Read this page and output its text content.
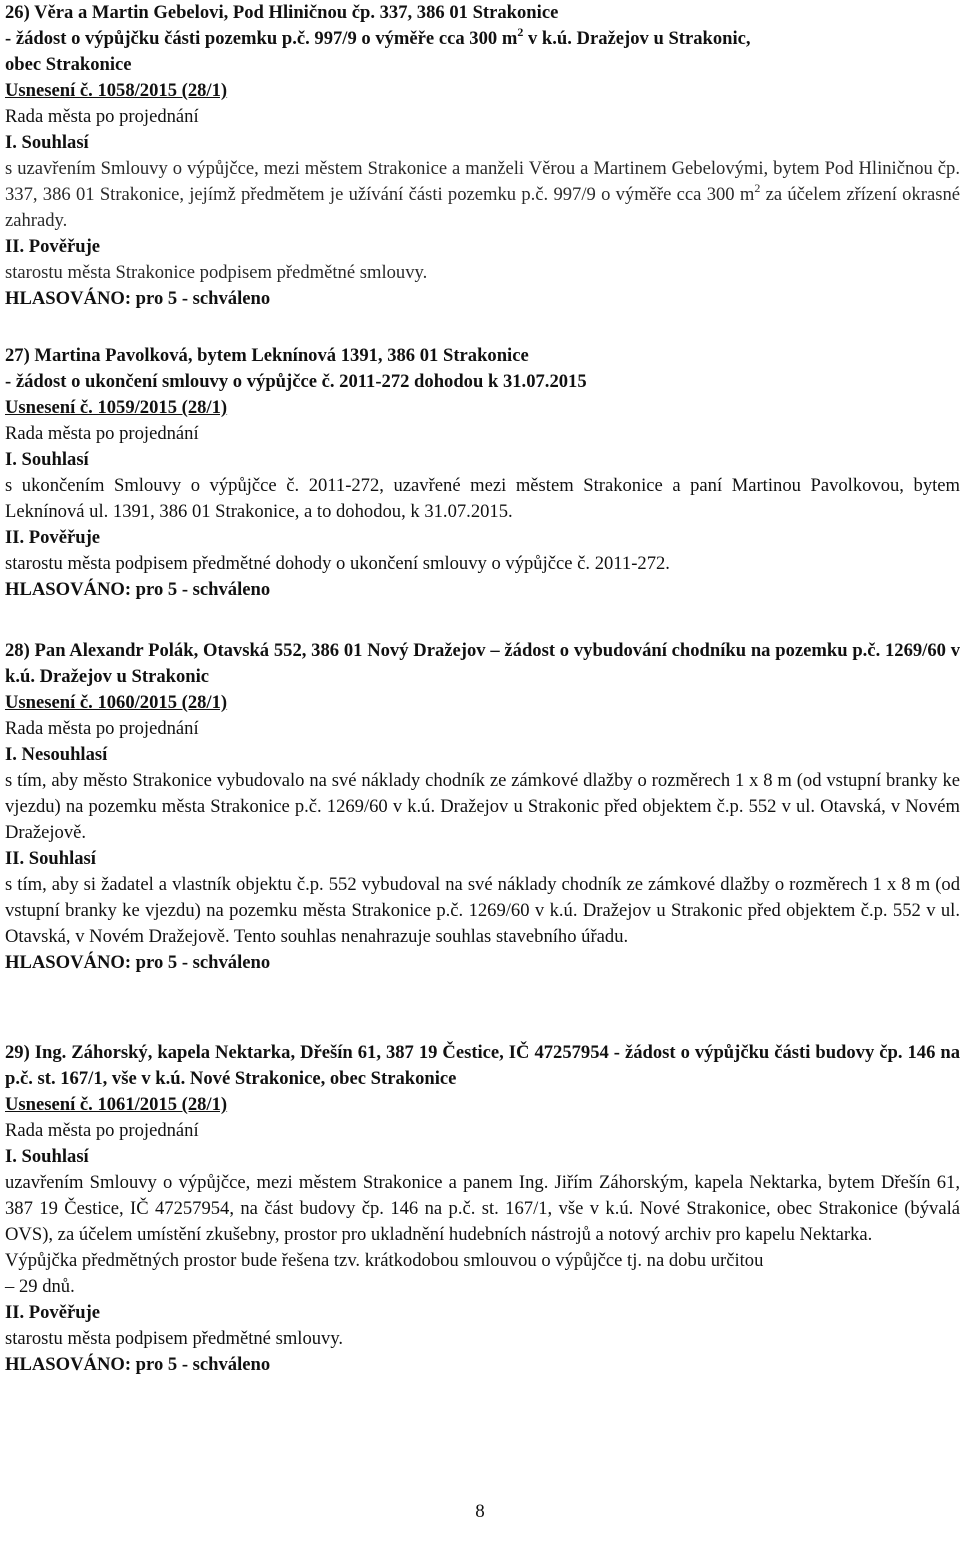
26) Věra a Martin Gebelovi, Pod Hliničnou čp. 337, 386 01 Strakonice

- žádost o výpůjčku části pozemku p.č. 997/9 o výměře cca 300 $m^2$ v k.ú. Dražejov u Strakonic,

obec Strakonice

Usnesení č. 1058/2015 (28/1)

Rada města po projednání

I. Souhlasí

s uzavřením Smlouvy o výpůjčce, mezi městem Strakonice a manželi Věrou a Martinem Gebelovými, bytem Pod Hliničnou čp. 337, 386 01 Strakonice, jejímž předmětem je užívání části pozemku p.č. 997/9 o výměře cca 300 $m^2$ za účelem zřízení okrasné zahrady.

II. Pověřuje

starostu města Strakonice podpisem předmětné smlouvy.

HLASOVÁNO: pro 5 - schváleno

27) Martina Pavolková, bytem Leknínová 1391, 386 01 Strakonice

- žádost o ukončení smlouvy o výpůjčce č. 2011-272 dohodou k 31.07.2015

Usnesení č. 1059/2015 (28/1)

Rada města po projednání

I. Souhlasí

s ukončením Smlouvy o výpůjčce č. 2011-272, uzavřené mezi městem Strakonice a paní Martinou Pavolkovou, bytem Leknínová ul. 1391, 386 01 Strakonice, a to dohodou, k 31.07.2015.

II. Pověřuje

starostu města podpisem předmětné dohody o ukončení smlouvy o výpůjčce č. 2011-272.

HLASOVÁNO: pro 5 - schváleno

28) Pan Alexandr Polák, Otavská 552, 386 01 Nový Dražejov – žádost o vybudování chodníku na pozemku p.č. 1269/60 v k.ú. Dražejov u Strakonic

Usnesení č. 1060/2015 (28/1)

Rada města po projednání

I. Nesouhlasí

s tím, aby město Strakonice vybudovalo na své náklady chodník ze zámkové dlažby o rozměrech 1 x 8 m (od vstupní branky ke vjezdu) na pozemku města Strakonice p.č. 1269/60 v k.ú. Dražejov u Strakonic před objektem č.p. 552 v ul. Otavská, v Novém Dražejově.

II. Souhlasí

s tím, aby si žadatel a vlastník objektu č.p. 552 vybudoval na své náklady chodník ze zámkové dlažby o rozměrech 1 x 8 m (od vstupní branky ke vjezdu) na pozemku města Strakonice p.č. 1269/60 v k.ú. Dražejov u Strakonic před objektem č.p. 552 v ul. Otavská, v Novém Dražejově. Tento souhlas nenahrazuje souhlas stavebního úřadu.

HLASOVÁNO: pro 5 - schváleno

29) Ing. Záhorský, kapela Nektarka, Dřešín 61, 387 19 Čestice, IČ 47257954 - žádost o výpůjčku části budovy čp. 146 na p.č. st. 167/1, vše v k.ú. Nové Strakonice, obec Strakonice

Usnesení č. 1061/2015 (28/1)

Rada města po projednání

I. Souhlasí

uzavřením Smlouvy o výpůjčce, mezi městem Strakonice a panem Ing. Jiřím Záhorským, kapela Nektarka, bytem Dřešín 61, 387 19 Čestice, IČ 47257954, na část budovy čp. 146 na p.č. st. 167/1, vše v k.ú. Nové Strakonice, obec Strakonice (bývalá OVS), za účelem umístění zkušebny, prostor pro ukladnění hudebních nástrojů a notový archiv pro kapelu Nektarka.

Výpůjčka předmětných prostor bude řešena tzv. krátkodobou smlouvou o výpůjčce tj. na dobu určitou

– 29 dnů.

II. Pověřuje

starostu města podpisem předmětné smlouvy.

HLASOVÁNO: pro 5 - schváleno

8
